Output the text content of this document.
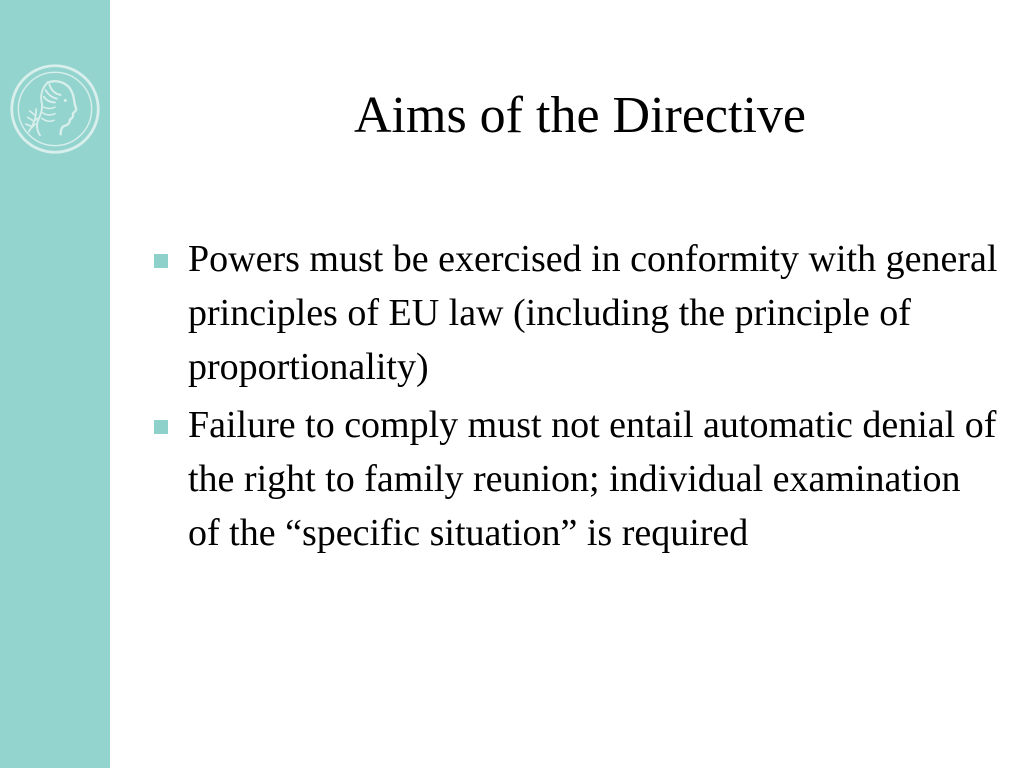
Aims of the Directive
Powers must be exercised in conformity with general principles of EU law (including the principle of proportionality)
Failure to comply must not entail automatic denial of the right to family reunion; individual examination of the “specific situation” is required
